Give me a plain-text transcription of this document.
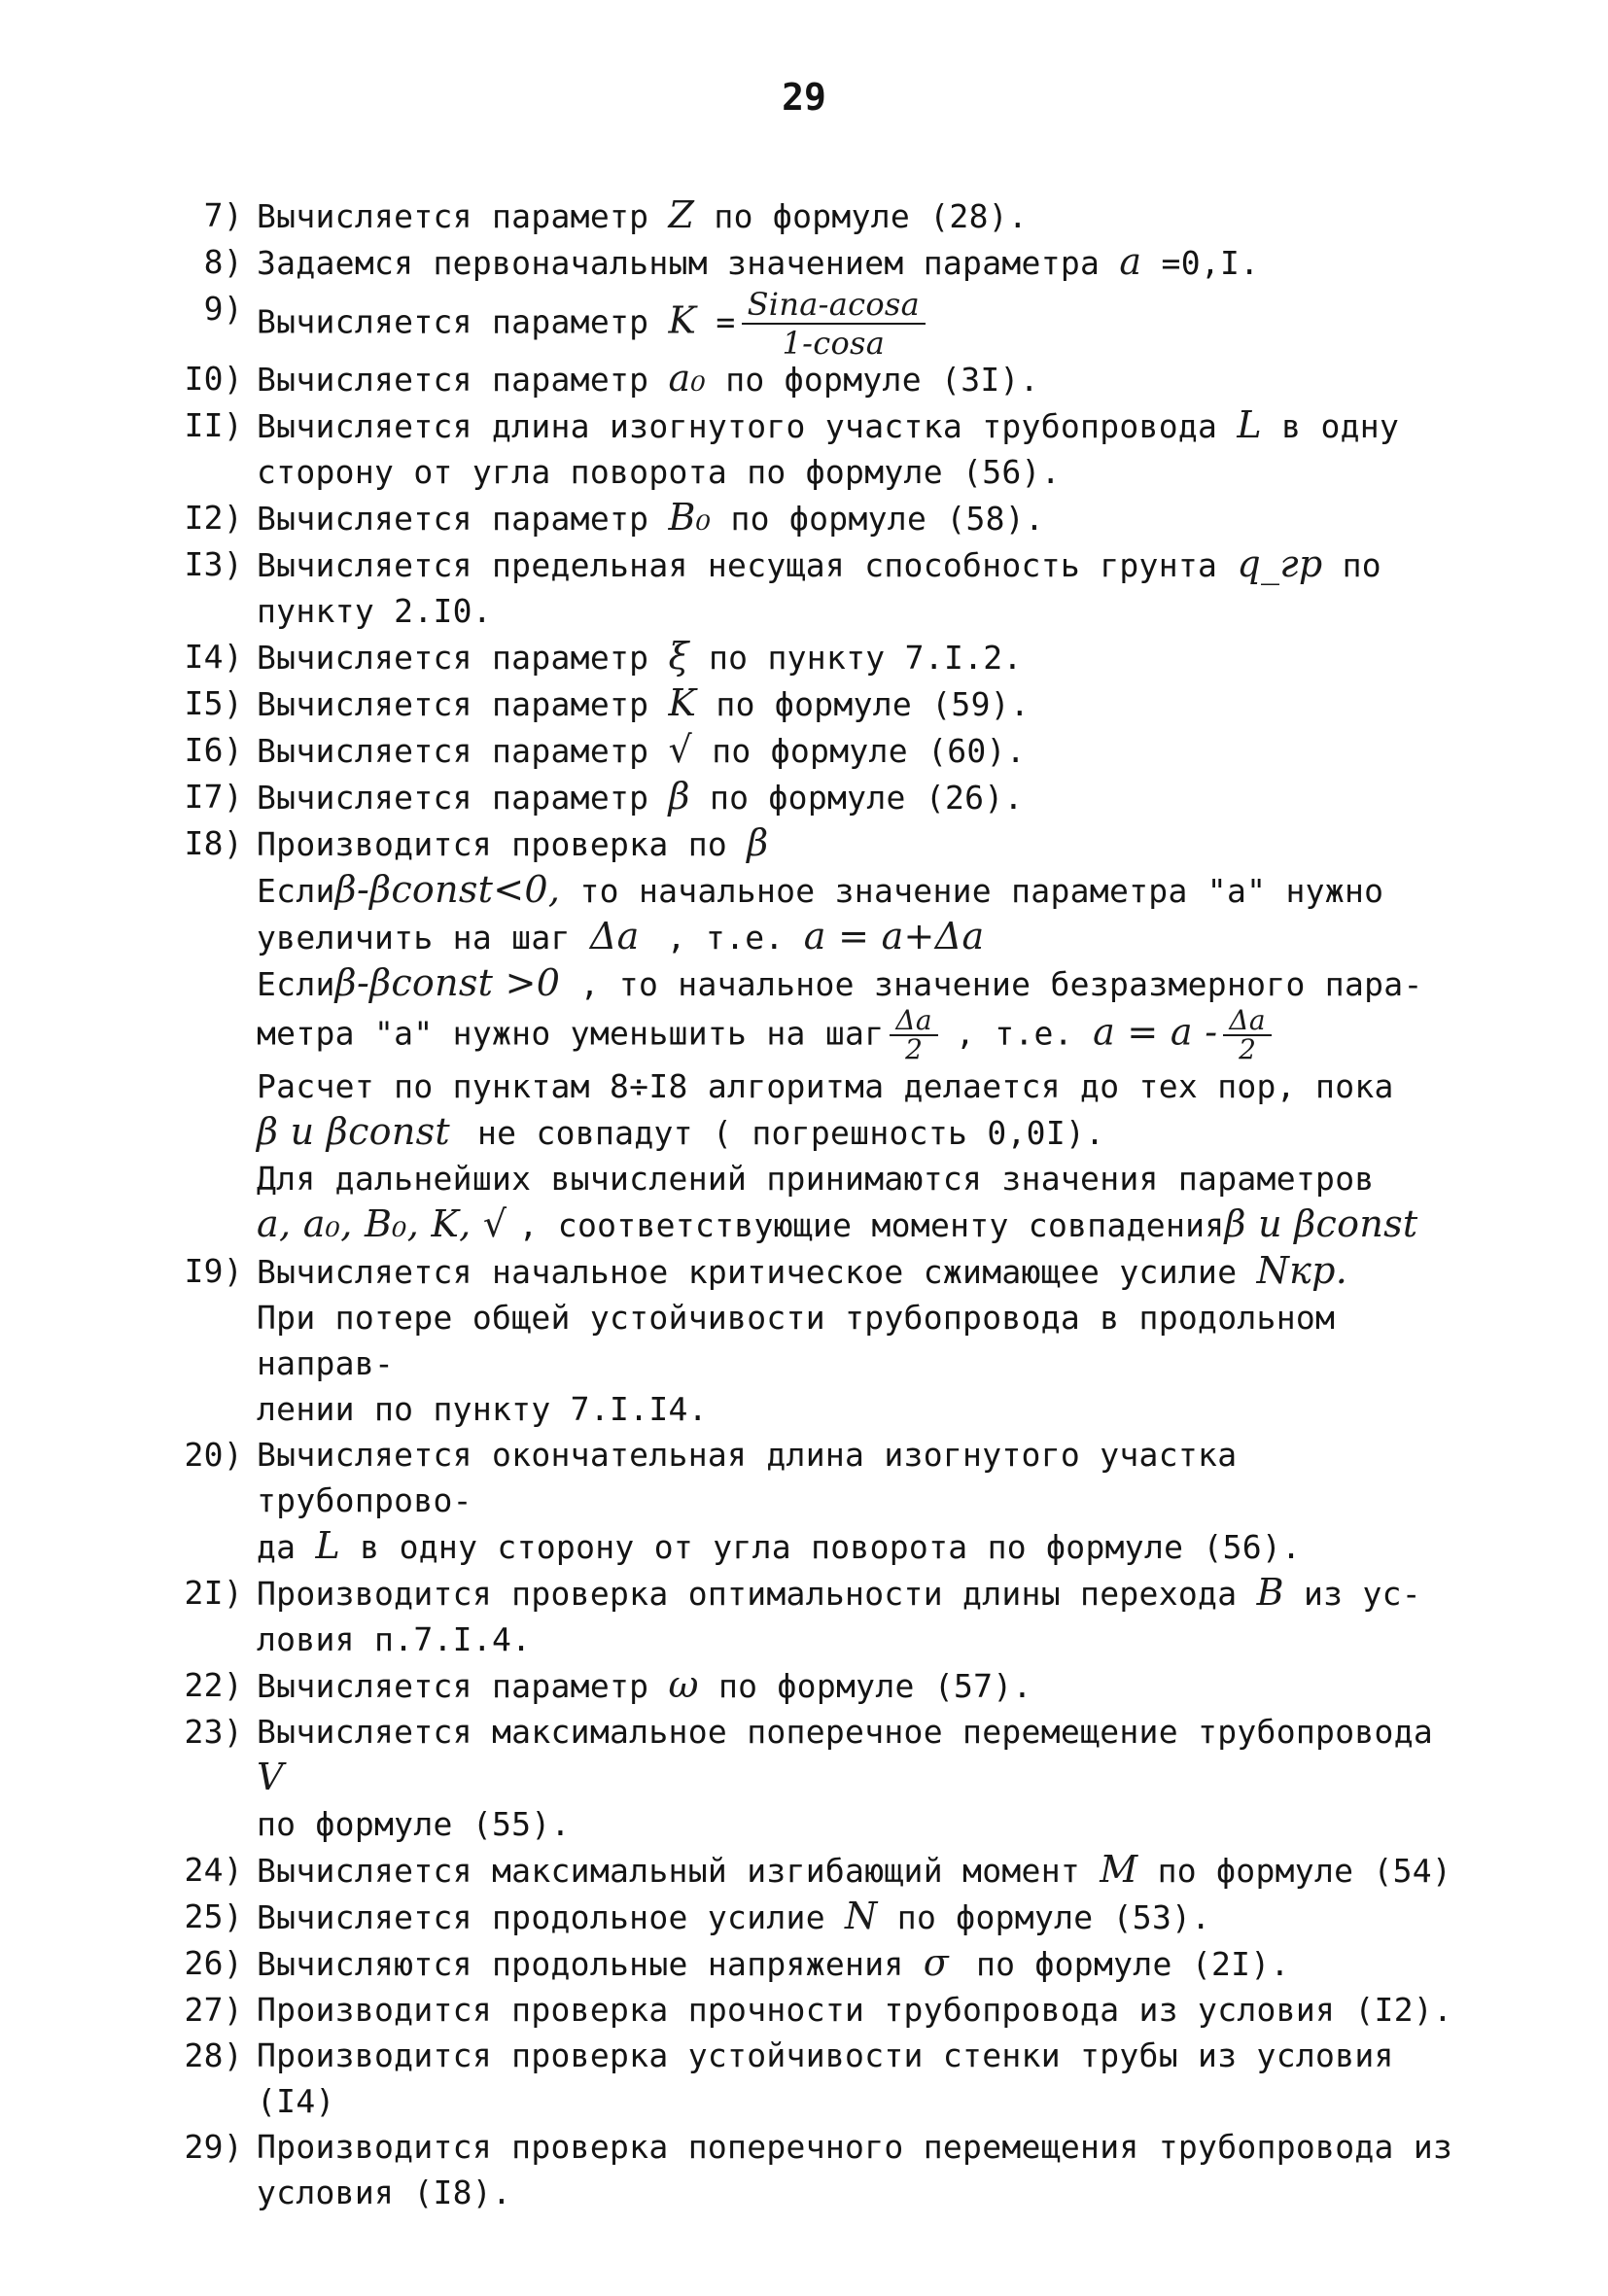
29
7) Вычисляется параметр Z по формуле (28).
8) Задаемся первоначальным значением параметра a =0,I.
9) Вычисляется параметр $K = \frac{\text{Sina-acosa}}{1-\cos a}$
I0) Вычисляется параметр a₀ по формуле (3I).
II) Вычисляется длина изогнутого участка трубопровода L в одну
сторону от угла поворота по формуле (56).
I2) Вычисляется параметр B₀ по формуле (58).
I3) Вычисляется предельная несущая способность грунта q_гр по
пункту 2.I0.
I4) Вычисляется параметр ξ по пункту 7.I.2.
I5) Вычисляется параметр K по формуле (59).
I6) Вычисляется параметр √ по формуле (60).
I7) Вычисляется параметр β по формуле (26).
I8) Производится проверка по β
Еслиβ-βconst<0, то начальное значение параметра "а" нужно
увеличить на шаг Δa , т.е. a = a+Δa
Еслиβ-βconst >0 , то начальное значение безразмерного пара-
метра "а" нужно уменьшить на шаг $\frac{\Delta a}{2}$ , т.е. $a = a - \frac{\Delta a}{2}$

Расчет по пунктам 8÷I8 алгоритма делается до тех пор, пока
β и βconst не совпадут ( погрешность 0,0I).
Для дальнейших вычислений принимаются значения параметров
a, a₀, B₀, K, √ , соответствующие моменту совпаденияβ и βconst
I9) Вычисляется начальное критическое сжимающее усилие Nкр.
При потере общей устойчивости трубопровода в продольном направ-
лении по пункту 7.I.I4.
20) Вычисляется окончательная длина изогнутого участка трубопрово-
да L в одну сторону от угла поворота по формуле (56).
2I) Производится проверка оптимальности длины перехода B из ус-
ловия п.7.I.4.
22) Вычисляется параметр ω по формуле (57).
23) Вычисляется максимальное поперечное перемещение трубопровода V
по формуле (55).
24) Вычисляется максимальный изгибающий момент M по формуле (54)
25) Вычисляется продольное усилие N по формуле (53).
26) Вычисляются продольные напряжения σ по формуле (2I).
27) Производится проверка прочности трубопровода из условия (I2).
28) Производится проверка устойчивости стенки трубы из условия (I4)
29) Производится проверка поперечного перемещения трубопровода из
условия (I8).
